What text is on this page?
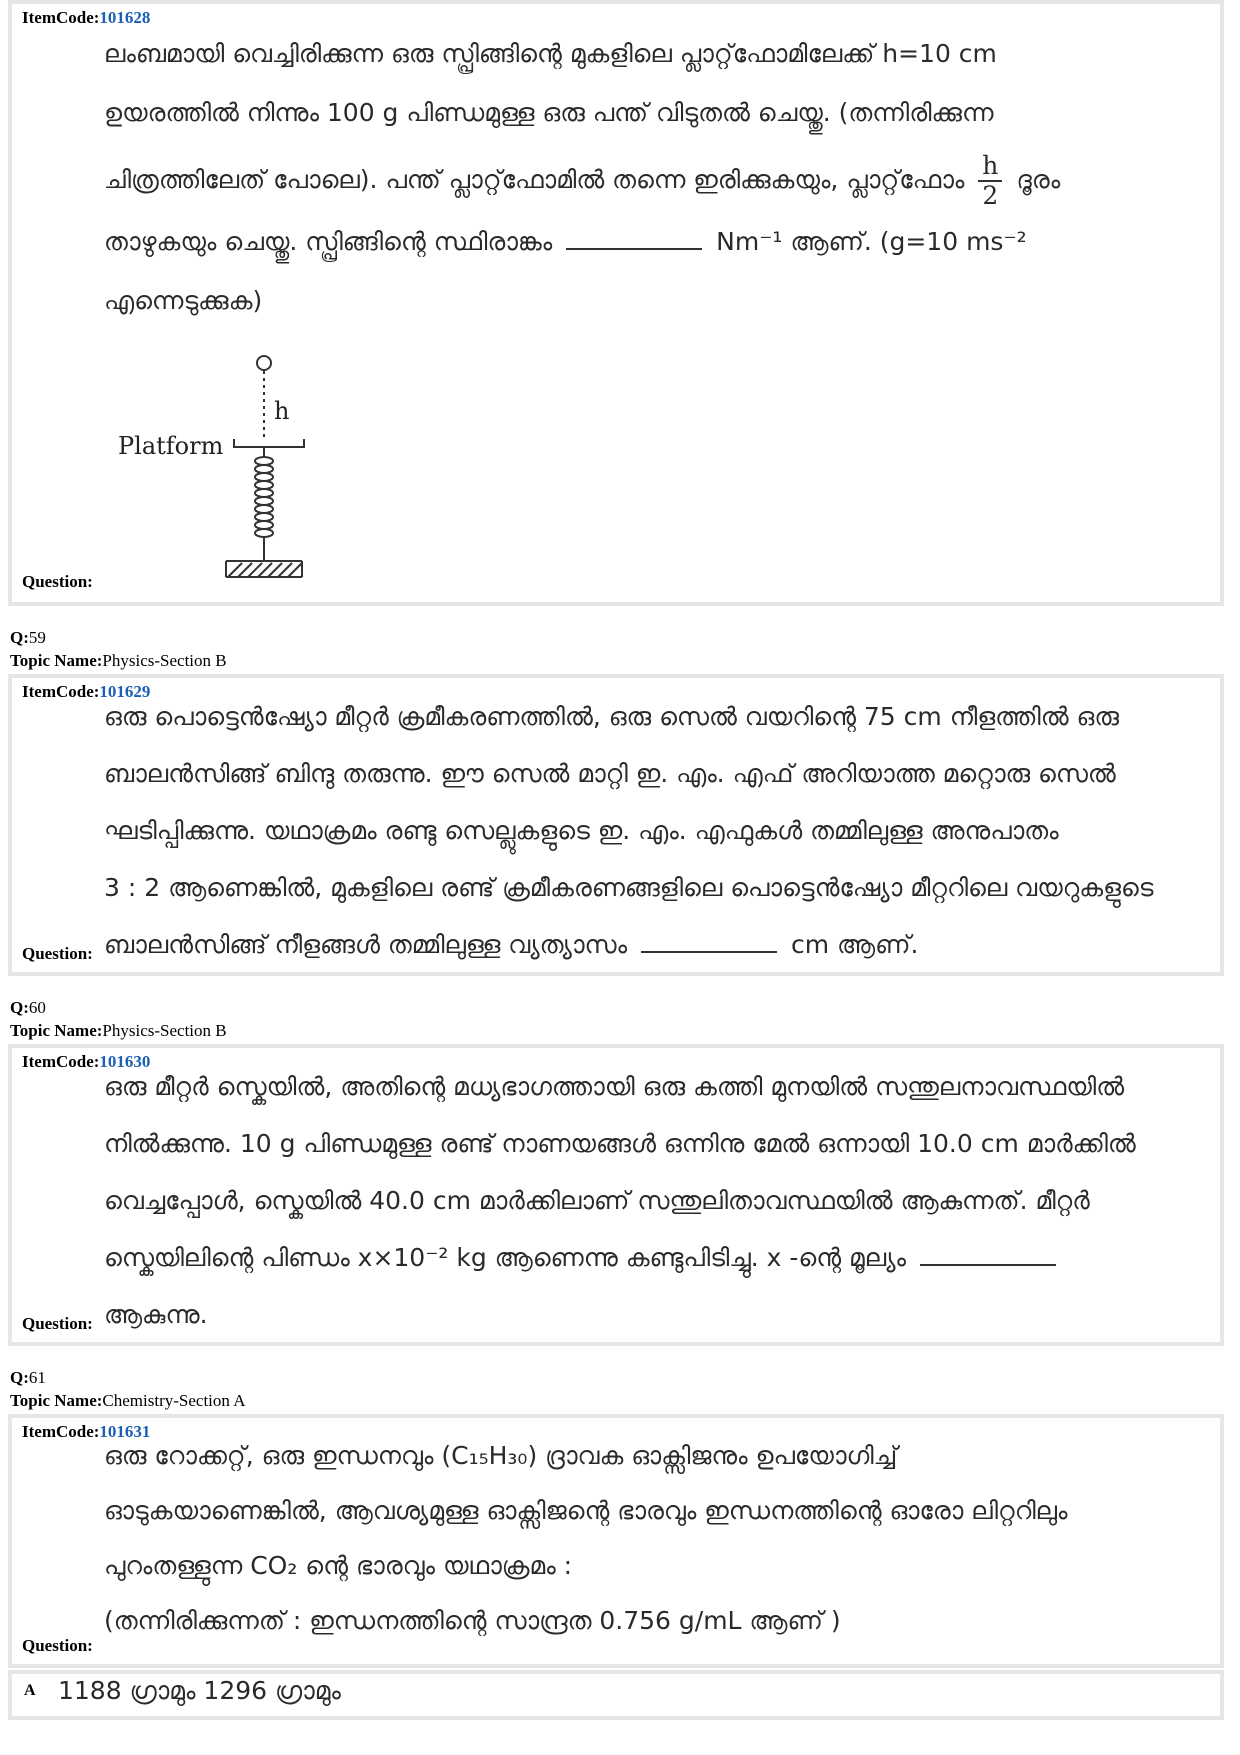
ItemCode:101628
ലംബമായി വെച്ചിരിക്കുന്ന ഒരു സ്പ്രിങ്ങിന്റെ മുകളിലെ പ്ലാറ്റ്‌ഫോമിലേക്ക് h=10 cm
ഉയരത്തിൽ നിന്നും 100 g പിണ്ഡമുള്ള ഒരു പന്ത് വിടുതൽ ചെയ്തു. (തന്നിരിക്കുന്ന
ചിത്രത്തിലേത് പോലെ). പന്ത് പ്ലാറ്റ്‌ഫോമിൽ തന്നെ ഇരിക്കുകയും, പ്ലാറ്റ്‌ഫോം $\frac{h}{2}$ ദൂരം
താഴുകയും ചെയ്തു. സ്പ്രിങ്ങിന്റെ സ്ഥിരാങ്കം	Nm⁻¹ ആണ്. (g=10 ms⁻²
എന്നെടുക്കുക)
h
Platform
Question:
Q:59
Topic Name:Physics-Section B
ItemCode:101629
ഒരു പൊട്ടെൻഷ്യോ മീറ്റർ ക്രമീകരണത്തിൽ, ഒരു സെൽ വയറിന്റെ 75 cm നീളത്തിൽ ഒരു
ബാലൻസിങ്ങ് ബിന്ദു തരുന്നു. ഈ സെൽ മാറ്റി ഇ. എം. എഫ് അറിയാത്ത മറ്റൊരു സെൽ
ഘടിപ്പിക്കുന്നു. യഥാക്രമം രണ്ടു സെല്ലുകളുടെ ഇ. എം. എഫുകൾ തമ്മിലുള്ള അനുപാതം
3 : 2 ആണെങ്കിൽ, മുകളിലെ രണ്ട് ക്രമീകരണങ്ങളിലെ പൊട്ടെൻഷ്യോ മീറ്ററിലെ വയറുകളുടെ
ബാലൻസിങ്ങ് നീളങ്ങൾ തമ്മിലുള്ള വ്യത്യാസം	cm ആണ്.
Question:
Q:60
Topic Name:Physics-Section B
ItemCode:101630
ഒരു മീറ്റർ സ്കെയിൽ, അതിന്റെ മധ്യഭാഗത്തായി ഒരു കത്തി മുനയിൽ സന്തുലനാവസ്ഥയിൽ
നിൽക്കുന്നു. 10 g പിണ്ഡമുള്ള രണ്ട് നാണയങ്ങൾ ഒന്നിനു മേൽ ഒന്നായി 10.0 cm മാർക്കിൽ
വെച്ചപ്പോൾ, സ്കെയിൽ 40.0 cm മാർക്കിലാണ് സന്തുലിതാവസ്ഥയിൽ ആകുന്നത്. മീറ്റർ
സ്കെയിലിന്റെ പിണ്ഡം x×10⁻² kg ആണെന്നു കണ്ടുപിടിച്ചു. x -ന്റെ മൂല്യം
ആകുന്നു.
Question:
Q:61
Topic Name:Chemistry-Section A
ItemCode:101631
ഒരു റോക്കറ്റ്, ഒരു ഇന്ധനവും (C₁₅H₃₀) ദ്രാവക ഓക്സിജനും ഉപയോഗിച്ച്
ഓടുകയാണെങ്കിൽ, ആവശ്യമുള്ള ഓക്സിജന്റെ ഭാരവും ഇന്ധനത്തിന്റെ ഓരോ ലിറ്ററിലും
പുറംതള്ളുന്ന CO₂ ന്റെ ഭാരവും യഥാക്രമം :
(തന്നിരിക്കുന്നത് : ഇന്ധനത്തിന്റെ സാന്ദ്രത 0.756 g/mL ആണ് )
Question:
A 1188 ഗ്രാമും 1296 ഗ്രാമും
